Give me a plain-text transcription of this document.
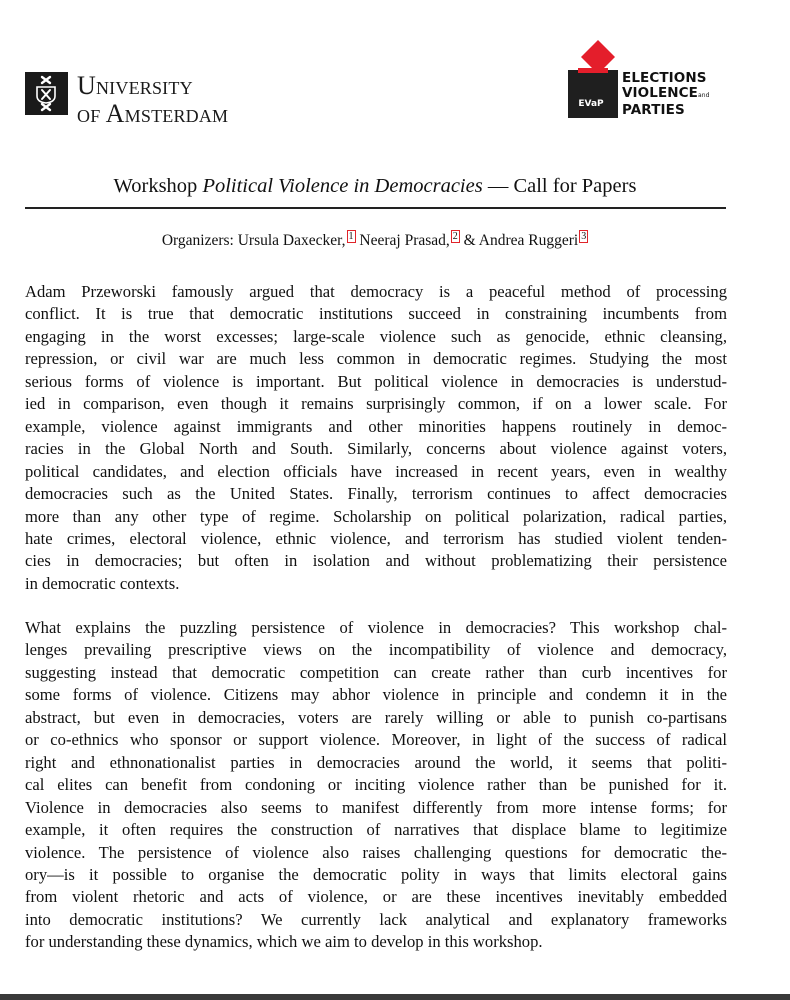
University
of Amsterdam	EVaP
ELECTIONS
VIOLENCEand
PARTIES
Workshop Political Violence in Democracies — Call for Papers
Organizers: Ursula Daxecker, 1 Neeraj Prasad, 2 & Andrea Ruggeri 3
Adam Przeworski famously argued that democracy is a peaceful method of processing
conflict. It is true that democratic institutions succeed in constraining incumbents from
engaging in the worst excesses; large-scale violence such as genocide, ethnic cleansing,
repression, or civil war are much less common in democratic regimes. Studying the most
serious forms of violence is important. But political violence in democracies is understud-
ied in comparison, even though it remains surprisingly common, if on a lower scale. For
example, violence against immigrants and other minorities happens routinely in democ-
racies in the Global North and South. Similarly, concerns about violence against voters,
political candidates, and election officials have increased in recent years, even in wealthy
democracies such as the United States. Finally, terrorism continues to affect democracies
more than any other type of regime. Scholarship on political polarization, radical parties,
hate crimes, electoral violence, ethnic violence, and terrorism has studied violent tenden-
cies in democracies; but often in isolation and without problematizing their persistence
in democratic contexts.
What explains the puzzling persistence of violence in democracies? This workshop chal-
lenges prevailing prescriptive views on the incompatibility of violence and democracy,
suggesting instead that democratic competition can create rather than curb incentives for
some forms of violence. Citizens may abhor violence in principle and condemn it in the
abstract, but even in democracies, voters are rarely willing or able to punish co-partisans
or co-ethnics who sponsor or support violence. Moreover, in light of the success of radical
right and ethnonationalist parties in democracies around the world, it seems that politi-
cal elites can benefit from condoning or inciting violence rather than be punished for it.
Violence in democracies also seems to manifest differently from more intense forms; for
example, it often requires the construction of narratives that displace blame to legitimize
violence. The persistence of violence also raises challenging questions for democratic the-
ory—is it possible to organise the democratic polity in ways that limits electoral gains
from violent rhetoric and acts of violence, or are these incentives inevitably embedded
into democratic institutions? We currently lack analytical and explanatory frameworks
for understanding these dynamics, which we aim to develop in this workshop.
